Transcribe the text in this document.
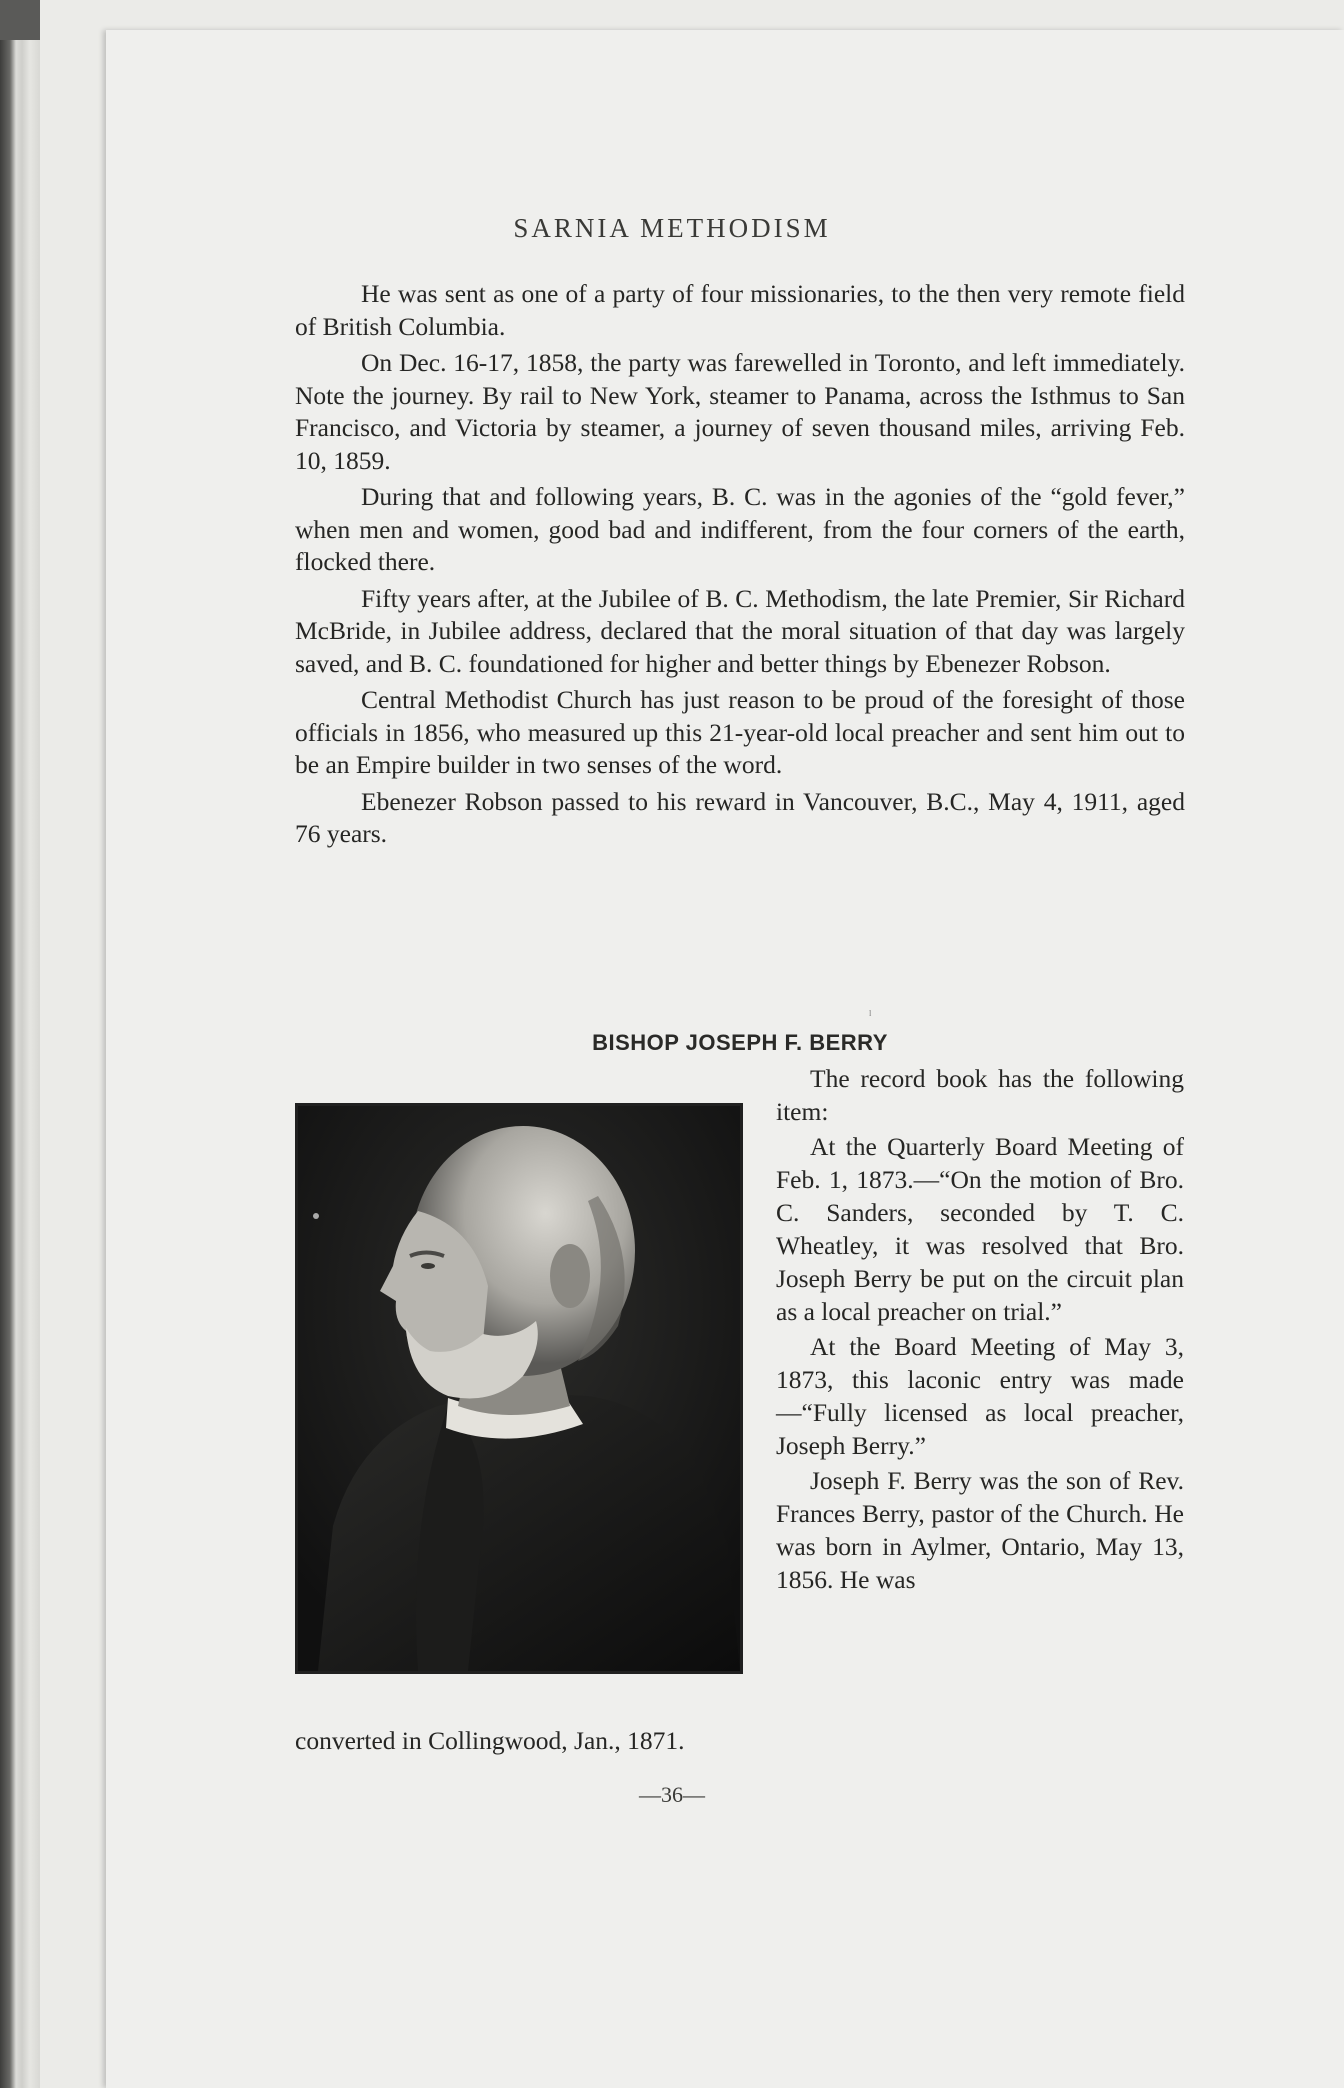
SARNIA METHODISM

He was sent as one of a party of four missionaries, to the then very remote field of British Columbia.

On Dec. 16-17, 1858, the party was farewelled in Toronto, and left immediately. Note the journey. By rail to New York, steamer to Panama, across the Isthmus to San Francisco, and Victoria by steamer, a journey of seven thousand miles, arriving Feb. 10, 1859.

During that and following years, B. C. was in the agonies of the “gold fever,” when men and women, good bad and indifferent, from the four corners of the earth, flocked there.

Fifty years after, at the Jubilee of B. C. Methodism, the late Premier, Sir Richard McBride, in Jubilee address, declared that the moral situation of that day was largely saved, and B. C. foundationed for higher and better things by Ebenezer Robson.

Central Methodist Church has just reason to be proud of the foresight of those officials in 1856, who measured up this 21-year-old local preacher and sent him out to be an Empire builder in two senses of the word.

Ebenezer Robson passed to his reward in Vancouver, B.C., May 4, 1911, aged 76 years.

ˡ
BISHOP JOSEPH F. BERRY

The record book has the following item:

At the Quarterly Board Meeting of Feb. 1, 1873.—“On the motion of Bro. C. Sanders, seconded by T. C. Wheatley, it was resolved that Bro. Joseph Berry be put on the circuit plan as a local preacher on trial.”

At the Board Meeting of May 3, 1873, this laconic entry was made—“Fully licensed as local preacher, Joseph Berry.”

Joseph F. Berry was the son of Rev. Frances Berry, pastor of the Church. He was born in Aylmer, Ontario, May 13, 1856. He was

converted in Collingwood, Jan., 1871.
—36—
